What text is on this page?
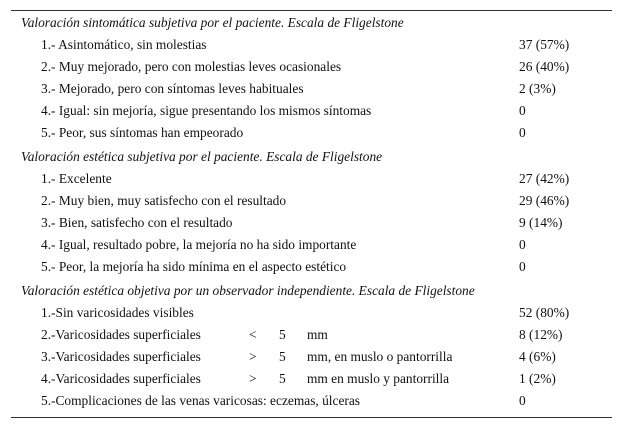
Valoración sintomática subjetiva por el paciente. Escala de Fligelstone
1.- Asintomático, sin molestias	37 (57%)
2.- Muy mejorado, pero con molestias leves ocasionales	26 (40%)
3.- Mejorado, pero con síntomas leves habituales	2 (3%)
4.- Igual: sin mejoría, sigue presentando los mismos síntomas	0
5.- Peor, sus síntomas han empeorado	0
Valoración estética subjetiva por el paciente. Escala de Fligelstone
1.- Excelente	27 (42%)
2.- Muy bien, muy satisfecho con el resultado	29 (46%)
3.- Bien, satisfecho con el resultado	9 (14%)
4.- Igual, resultado pobre, la mejoría no ha sido importante	0
5.- Peor, la mejoría ha sido mínima en el aspecto estético	0
Valoración estética objetiva por un observador independiente. Escala de Fligelstone
1.-Sin varicosidades visibles	52 (80%)
2.-Varicosidades superficiales	< 5 mm	8 (12%)
3.-Varicosidades superficiales	> 5 mm, en muslo o pantorrilla	4 (6%)
4.-Varicosidades superficiales	> 5 mm en muslo y pantorrilla	1 (2%)
5.-Complicaciones de las venas varicosas: eczemas, úlceras	0
